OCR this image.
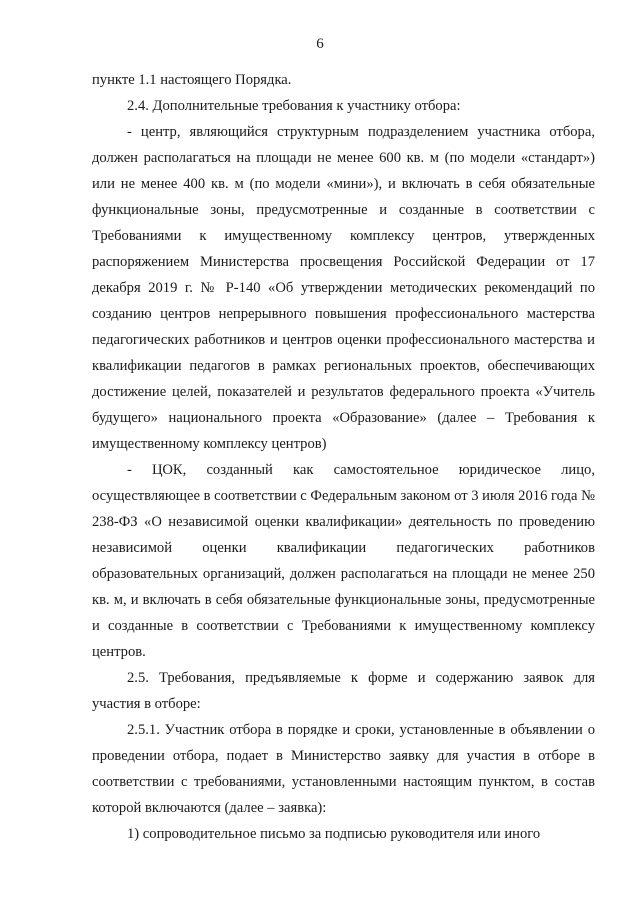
6

пункте 1.1 настоящего Порядка.

2.4. Дополнительные требования к участнику отбора:

- центр, являющийся структурным подразделением участника отбора, должен располагаться на площади не менее 600 кв. м (по модели «стандарт») или не менее 400 кв. м (по модели «мини»), и включать в себя обязательные функциональные зоны, предусмотренные и созданные в соответствии с Требованиями к имущественному комплексу центров, утвержденных распоряжением Министерства просвещения Российской Федерации от 17 декабря 2019 г. № Р-140 «Об утверждении методических рекомендаций по созданию центров непрерывного повышения профессионального мастерства педагогических работников и центров оценки профессионального мастерства и квалификации педагогов в рамках региональных проектов, обеспечивающих достижение целей, показателей и результатов федерального проекта «Учитель будущего» национального проекта «Образование» (далее – Требования к имущественному комплексу центров)

- ЦОК, созданный как самостоятельное юридическое лицо, осуществляющее в соответствии с Федеральным законом от 3 июля 2016 года № 238-ФЗ «О независимой оценки квалификации» деятельность по проведению независимой оценки квалификации педагогических работников образовательных организаций, должен располагаться на площади не менее 250 кв. м, и включать в себя обязательные функциональные зоны, предусмотренные и созданные в соответствии с Требованиями к имущественному комплексу центров.

2.5. Требования, предъявляемые к форме и содержанию заявок для участия в отборе:

2.5.1. Участник отбора в порядке и сроки, установленные в объявлении о проведении отбора, подает в Министерство заявку для участия в отборе в соответствии с требованиями, установленными настоящим пунктом, в состав которой включаются (далее – заявка):

1) сопроводительное письмо за подписью руководителя или иного
